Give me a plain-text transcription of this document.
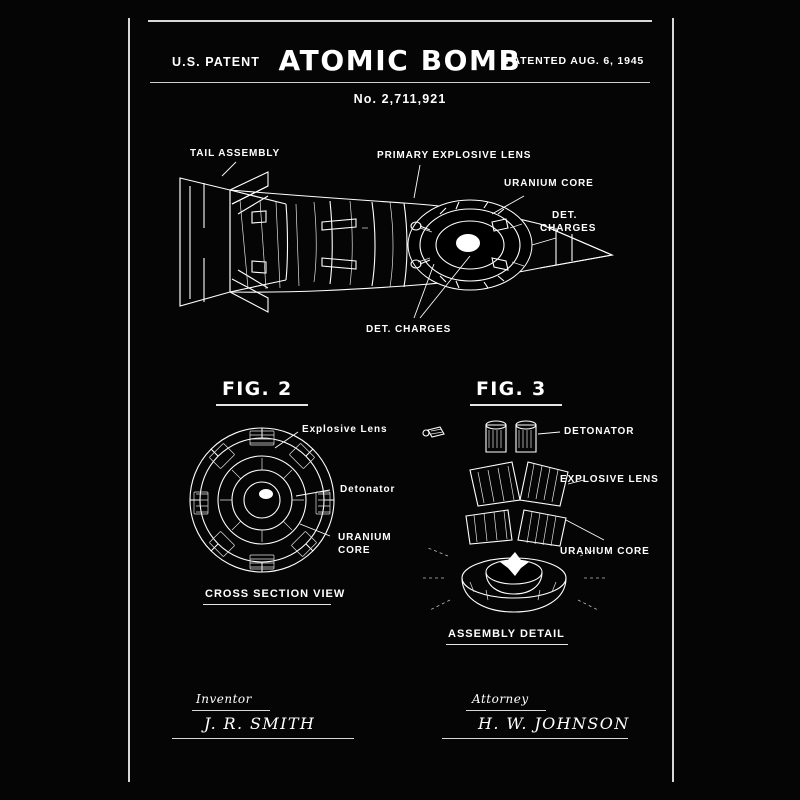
U.S. PATENT ATOMIC BOMB
PATENTED AUG. 6, 1945
No. 2,711,921
TAIL ASSEMBLY	PRIMARY EXPLOSIVE LENS
URANIUM CORE
DET.
CHARGES
DET. CHARGES
FIG. 2
Explosive Lens
Detonator
URANIUM
CORE
CROSS SECTION VIEW
FIG. 3
DETONATOR
EXPLOSIVE LENS
URANIUM CORE
ASSEMBLY DETAIL
Inventor
J. R. SMITH
Attorney
H. W. JOHNSON
